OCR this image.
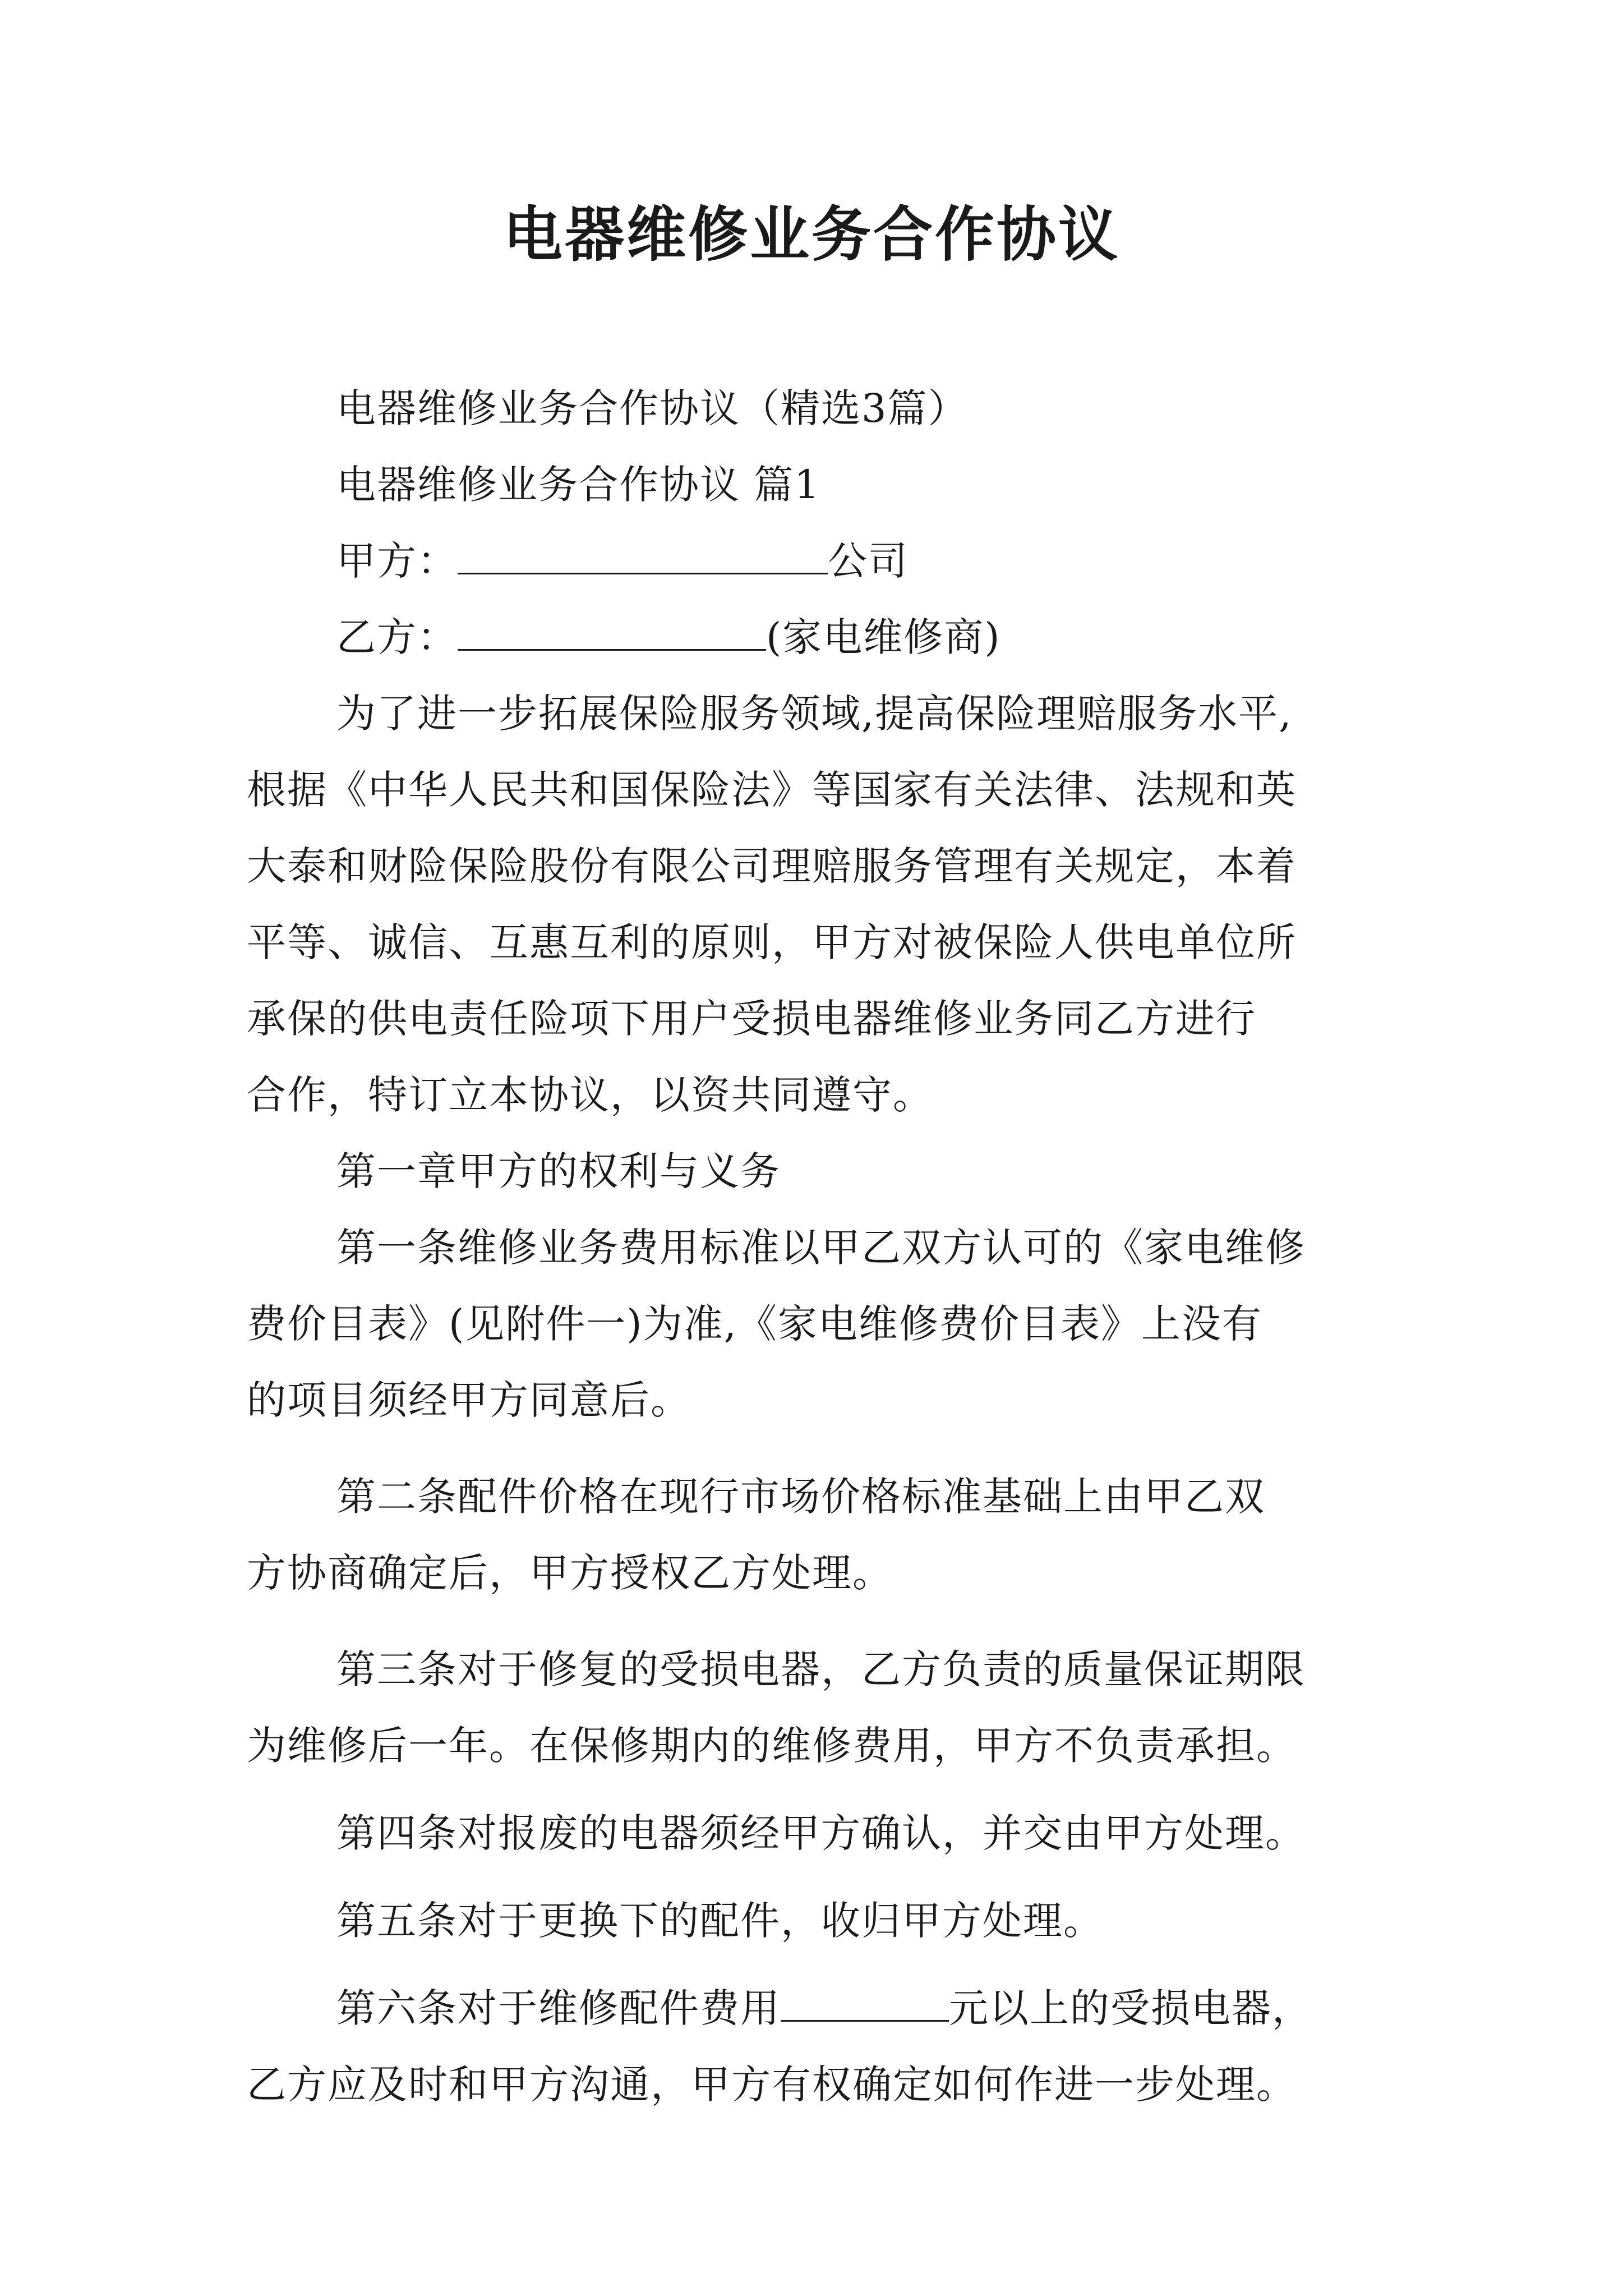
电器维修业务合作协议
电器维修业务合作协议（精选3篇）
电器维修业务合作协议 篇1
甲方：	公司
乙方：	(家电维修商)
为了进一步拓展保险服务领域,提高保险理赔服务水平,
根据《中华人民共和国保险法》等国家有关法律、法规和英
大泰和财险保险股份有限公司理赔服务管理有关规定，本着
平等、诚信、互惠互利的原则，甲方对被保险人供电单位所
承保的供电责任险项下用户受损电器维修业务同乙方进行
合作，特订立本协议，以资共同遵守。
第一章甲方的权利与义务
第一条维修业务费用标准以甲乙双方认可的《家电维修
费价目表》(见附件一)为准,《家电维修费价目表》上没有
的项目须经甲方同意后。
第二条配件价格在现行市场价格标准基础上由甲乙双
方协商确定后，甲方授权乙方处理。
第三条对于修复的受损电器，乙方负责的质量保证期限
为维修后一年。在保修期内的维修费用，甲方不负责承担。
第四条对报废的电器须经甲方确认，并交由甲方处理。
第五条对于更换下的配件，收归甲方处理。
第六条对于维修配件费用	元以上的受损电器，
乙方应及时和甲方沟通，甲方有权确定如何作进一步处理。
